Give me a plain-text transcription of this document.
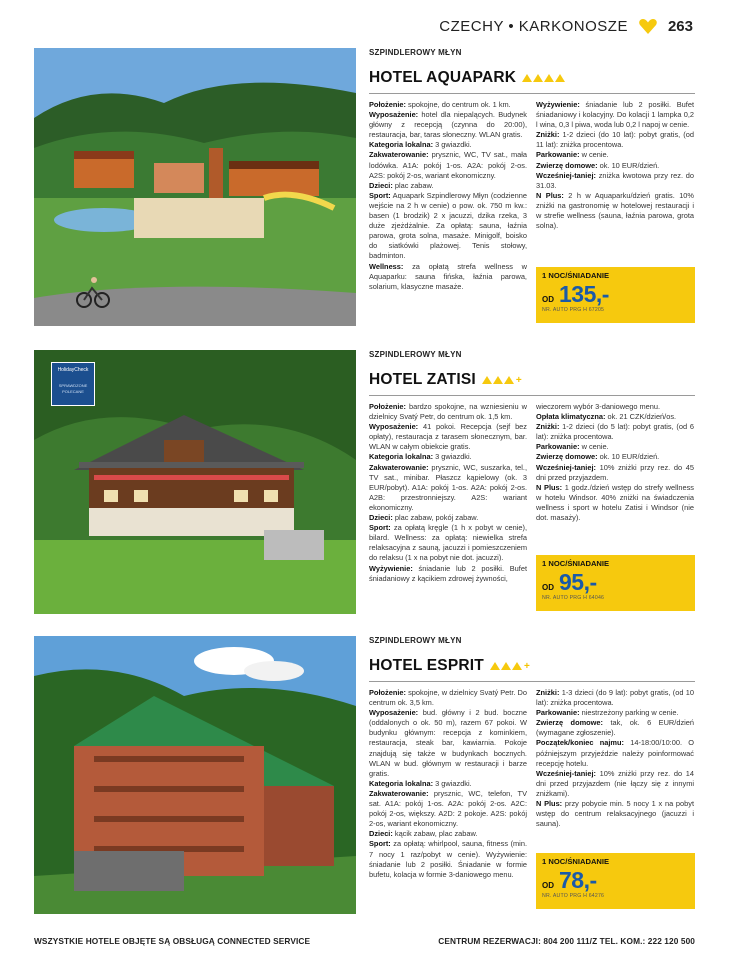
CZECHY • KARKONOSZE	263
SZPINDLEROWY MŁYN
HOTEL AQUAPARK

Położenie: spokojne, do centrum ok. 1 km.

Wyposażenie: hotel dla niepalących. Budynek główny z recepcją (czynna do 20:00), restauracja, bar, taras słoneczny. WLAN gratis.

Kategoria lokalna: 3 gwiazdki.

Zakwaterowanie: prysznic, WC, TV sat., mała lodówka. A1A: pokój 1-os. A2A: pokój 2-os. A2S: pokój 2-os, wariant ekonomiczny.

Dzieci: plac zabaw.

Sport: Aquapark Szpindlerowy Młyn (codzienne wejście na 2 h w cenie) o pow. ok. 750 m kw.: basen (1 brodzik) 2 x jacuzzi, dzika rzeka, 3 duże zjeżdżalnie. Za opłatą: sauna, łaźnia parowa, grota solna, masaże. Minigolf, boisko do siatkówki plażowej. Tenis stołowy, badminton.

Wellness: za opłatą strefa wellness w Aquaparku: sauna fińska, łaźnia parowa, solarium, klasyczne masaże.

Wyżywienie: śniadanie lub 2 posiłki. Bufet śniadaniowy i kolacyjny. Do kolacji 1 lampka 0,2 l wina, 0,3 l piwa, woda lub 0,2 l napoj w cenie.

Zniżki: 1-2 dzieci (do 10 lat): pobyt gratis, (od 11 lat): zniżka procentowa.

Parkowanie: w cenie.

Zwierzę domowe: ok. 10 EUR/dzień.

Wcześniej-taniej: zniżka kwotowa przy rez. do 31.03.

N Plus: 2 h w Aquaparku/dzień gratis. 10% zniżki na gastronomię w hotelowej restauracji i w strefie wellness (sauna, łaźnia parowa, grota solna).

1 NOC/ŚNIADANIE
OD 135,-
NR. AUTO PRG H 67205
HolidayCheck
SPRAWDZONE POLECANE
SZPINDLEROWY MŁYN
HOTEL ZATISI	+

Położenie: bardzo spokojne, na wzniesieniu w dzielnicy Svatý Petr, do centrum ok. 1,5 km.

Wyposażenie: 41 pokoi. Recepcja (sejf bez opłaty), restauracja z tarasem słonecznym, bar. WLAN w całym obiekcie gratis.

Kategoria lokalna: 3 gwiazdki.

Zakwaterowanie: prysznic, WC, suszarka, tel., TV sat., minibar. Płaszcz kąpielowy (ok. 3 EUR/pobyt). A1A: pokój 1-os. A2A: pokój 2-os. A2B: przestronniejszy. A2S: wariant ekonomiczny.

Dzieci: plac zabaw, pokój zabaw.

Sport: za opłatą kręgle (1 h x pobyt w cenie), bilard. Wellness: za opłatą: niewielka strefa relaksacyjna z sauną, jacuzzi i pomieszczeniem do relaksu (1 x na pobyt nie dot. jacuzzi).

Wyżywienie: śniadanie lub 2 posiłki. Bufet śniadaniowy z kącikiem zdrowej żywności,

wieczorem wybór 3-daniowego menu.

Opłata klimatyczna: ok. 21 CZK/dzień/os.

Zniżki: 1-2 dzieci (do 5 lat): pobyt gratis, (od 6 lat): zniżka procentowa.

Parkowanie: w cenie.

Zwierzę domowe: ok. 10 EUR/dzień.

Wcześniej-taniej: 10% zniżki przy rez. do 45 dni przed przyjazdem.

N Plus: 1 godz./dzień wstęp do strefy wellness w hotelu Windsor. 40% zniżki na świadczenia wellness i sport w hotelu Zatisi i Windsor (nie dot. masaży).

1 NOC/ŚNIADANIE
OD 95,-
NR. AUTO PRG H 64046
SZPINDLEROWY MŁYN
HOTEL ESPRIT	+

Położenie: spokojne, w dzielnicy Svatý Petr. Do centrum ok. 3,5 km.

Wyposażenie: bud. główny i 2 bud. boczne (oddalonych o ok. 50 m), razem 67 pokoi. W budynku głównym: recepcja z kominkiem, restauracja, steak bar, kawiarnia. Pokoje znajdują się także w budynkach bocznych. WLAN w bud. głównym w restauracji i barze gratis.

Kategoria lokalna: 3 gwiazdki.

Zakwaterowanie: prysznic, WC, telefon, TV sat. A1A: pokój 1-os. A2A: pokój 2-os. A2C: pokój 2-os, większy. A2D: 2 pokoje. A2S: pokój 2-os, wariant ekonomiczny.

Dzieci: kącik zabaw, plac zabaw.

Sport: za opłatą: whirlpool, sauna, fitness (min. 7 nocy 1 raz/pobyt w cenie). Wyżywienie: śniadanie lub 2 posiłki. Śniadanie w formie bufetu, kolacja w formie 3-daniowego menu.

Zniżki: 1-3 dzieci (do 9 lat): pobyt gratis, (od 10 lat): zniżka procentowa.

Parkowanie: niestrzeżony parking w cenie.

Zwierzę domowe: tak, ok. 6 EUR/dzień (wymagane zgłoszenie).

Początek/koniec najmu: 14-18:00/10:00. O późniejszym przyjeździe należy poinformować recepcję hotelu.

Wcześniej-taniej: 10% zniżki przy rez. do 14 dni przed przyjazdem (nie łączy się z innymi zniżkami).

N Plus: przy pobycie min. 5 nocy 1 x na pobyt wstęp do centrum relaksacyjnego (jacuzzi i sauna).

1 NOC/ŚNIADANIE
OD 78,-
NR. AUTO PRG H 64276
WSZYSTKIE HOTELE OBJĘTE SĄ OBSŁUGĄ CONNECTED SERVICE	CENTRUM REZERWACJI: 804 200 111/Z TEL. KOM.: 222 120 500
